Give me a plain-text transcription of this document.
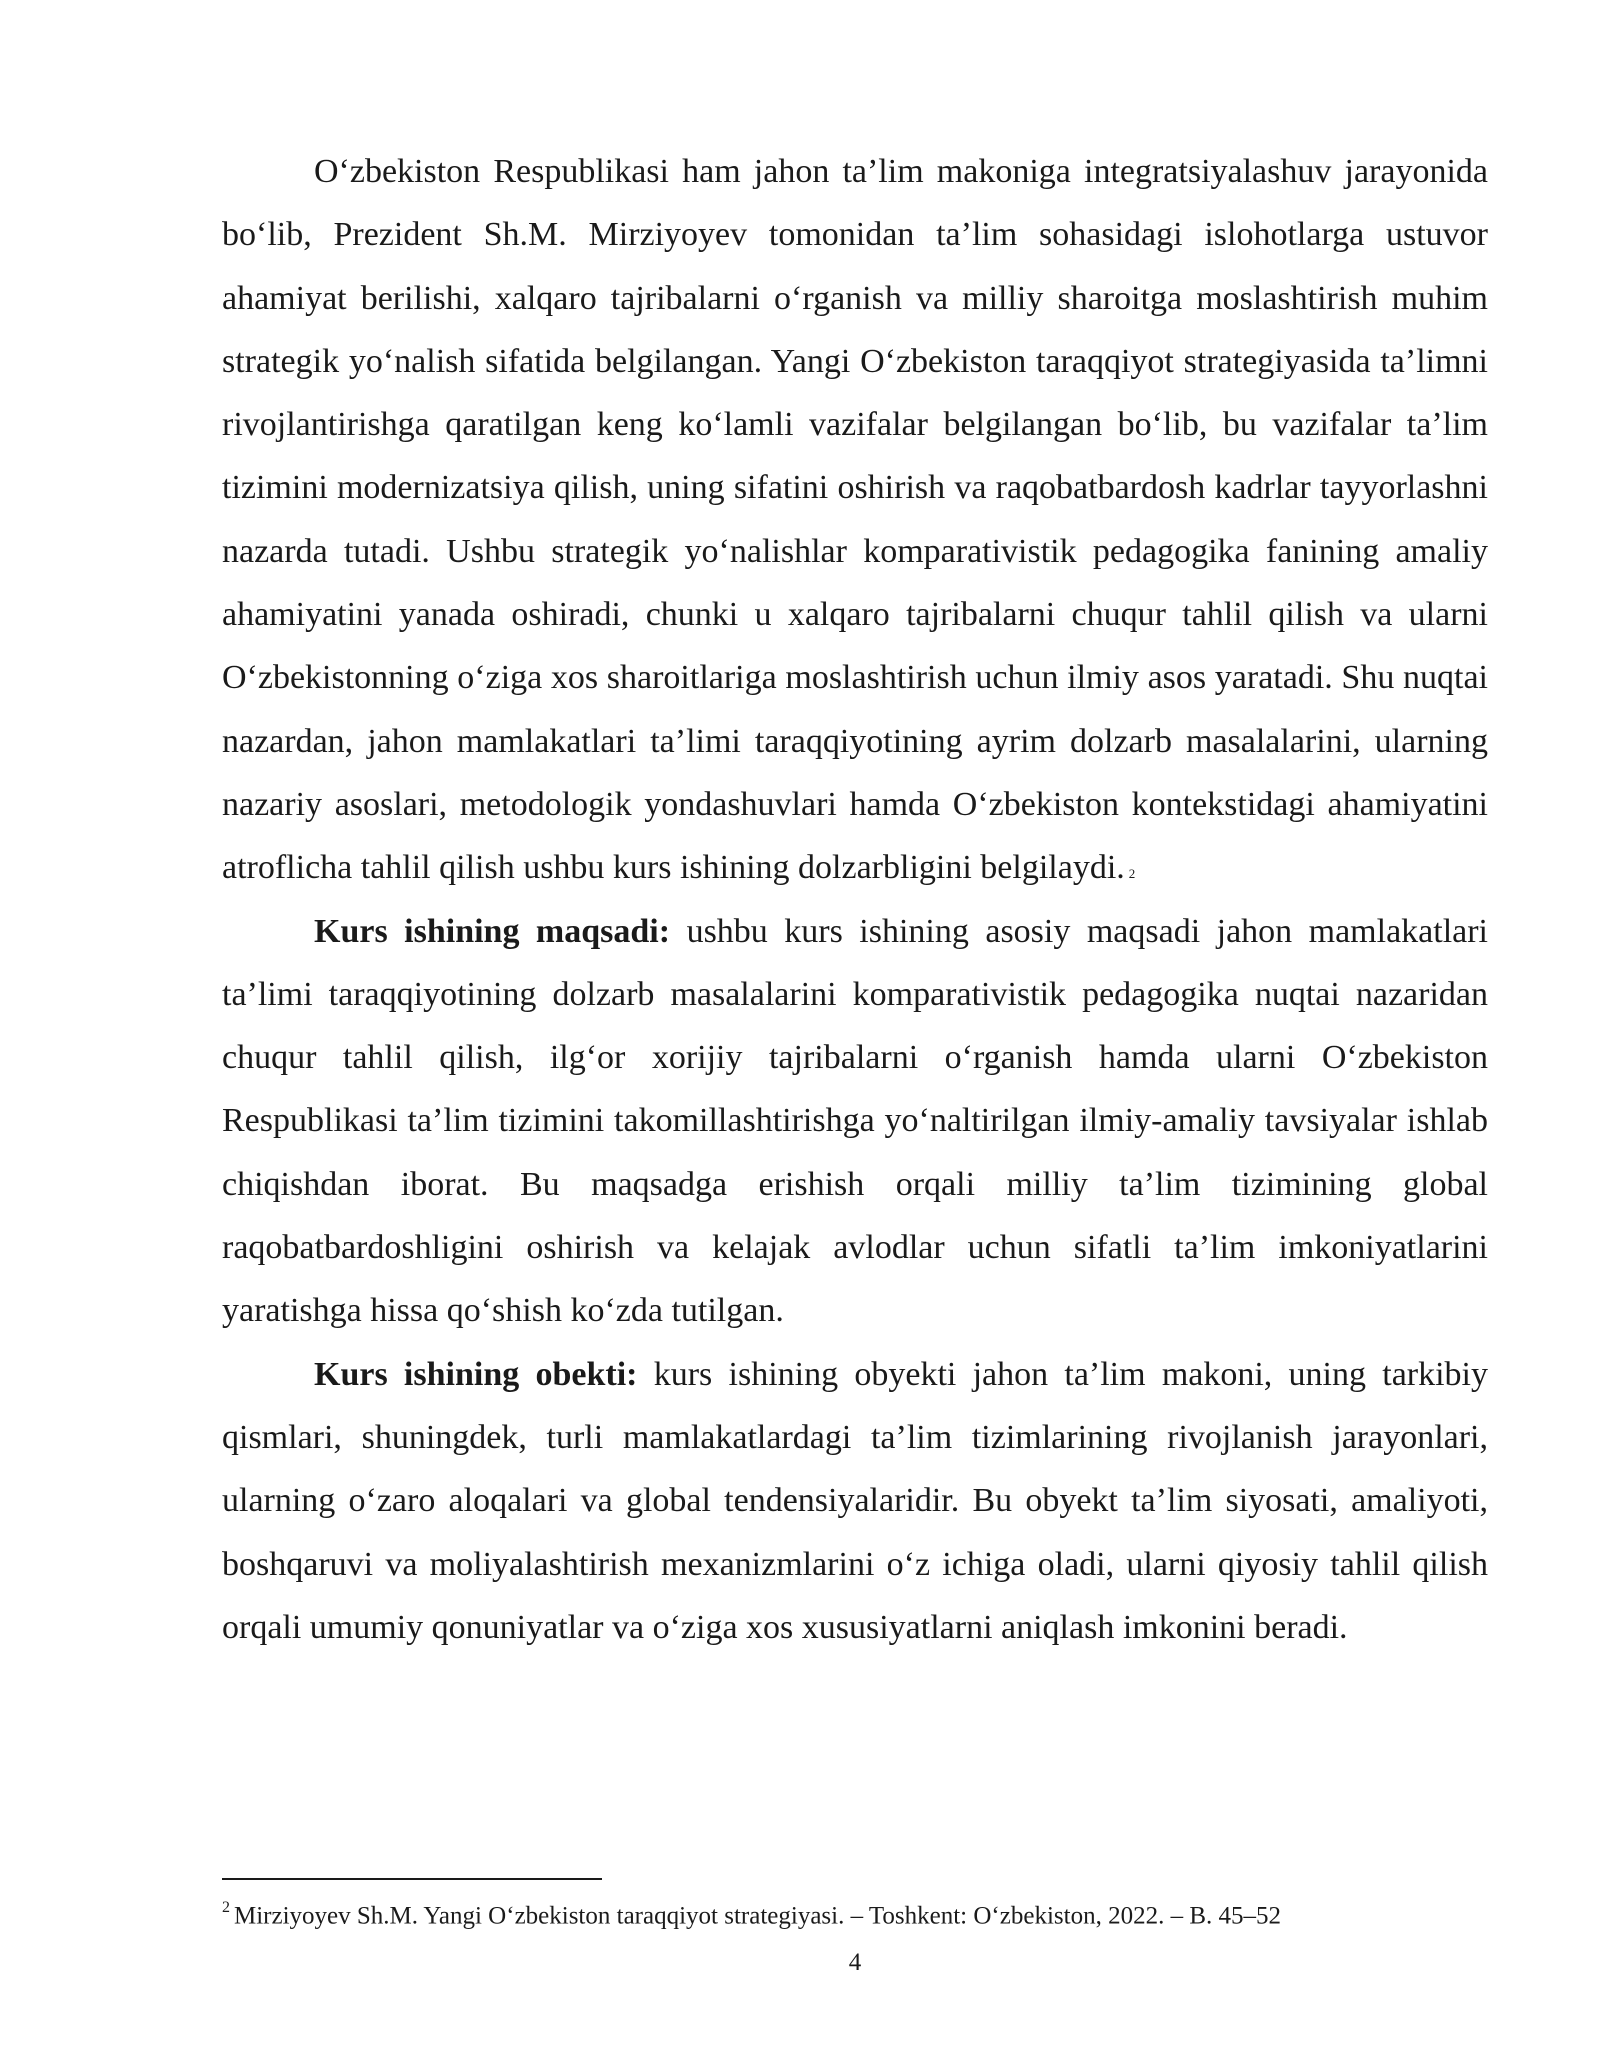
O‘zbekiston Respublikasi ham jahon ta’lim makoniga integratsiyalashuv jarayonida bo‘lib, Prezident Sh.M. Mirziyoyev tomonidan ta’lim sohasidagi islohotlarga ustuvor ahamiyat berilishi, xalqaro tajribalarni o‘rganish va milliy sharoitga moslashtirish muhim strategik yo‘nalish sifatida belgilangan. Yangi O‘zbekiston taraqqiyot strategiyasida ta’limni rivojlantirishga qaratilgan keng ko‘lamli vazifalar belgilangan bo‘lib, bu vazifalar ta’lim tizimini modernizatsiya qilish, uning sifatini oshirish va raqobatbardosh kadrlar tayyorlashni nazarda tutadi. Ushbu strategik yo‘nalishlar komparativistik pedagogika fanining amaliy ahamiyatini yanada oshiradi, chunki u xalqaro tajribalarni chuqur tahlil qilish va ularni O‘zbekistonning o‘ziga xos sharoitlariga moslashtirish uchun ilmiy asos yaratadi. Shu nuqtai nazardan, jahon mamlakatlari ta’limi taraqqiyotining ayrim dolzarb masalalarini, ularning nazariy asoslari, metodologik yondashuvlari hamda O‘zbekiston kontekstidagi ahamiyatini atroflicha tahlil qilish ushbu kurs ishining dolzarbligini belgilaydi. $^2$

Kurs ishining maqsadi: ushbu kurs ishining asosiy maqsadi jahon mamlakatlari ta’limi taraqqiyotining dolzarb masalalarini komparativistik pedagogika nuqtai nazaridan chuqur tahlil qilish, ilg‘or xorijiy tajribalarni o‘rganish hamda ularni O‘zbekiston Respublikasi ta’lim tizimini takomillashtirishga yo‘naltirilgan ilmiy-amaliy tavsiyalar ishlab chiqishdan iborat. Bu maqsadga erishish orqali milliy ta’lim tizimining global raqobatbardoshligini oshirish va kelajak avlodlar uchun sifatli ta’lim imkoniyatlarini yaratishga hissa qo‘shish ko‘zda tutilgan.

Kurs ishining obekti: kurs ishining obyekti jahon ta’lim makoni, uning tarkibiy qismlari, shuningdek, turli mamlakatlardagi ta’lim tizimlarining rivojlanish jarayonlari, ularning o‘zaro aloqalari va global tendensiyalaridir. Bu obyekt ta’lim siyosati, amaliyoti, boshqaruvi va moliyalashtirish mexanizmlarini o‘z ichiga oladi, ularni qiyosiy tahlil qilish orqali umumiy qonuniyatlar va o‘ziga xos xususiyatlarni aniqlash imkonini beradi.

$^2$ Mirziyoyev Sh.M. Yangi O‘zbekiston taraqqiyot strategiyasi. – Toshkent: O‘zbekiston, 2022. – B. 45–52
4
